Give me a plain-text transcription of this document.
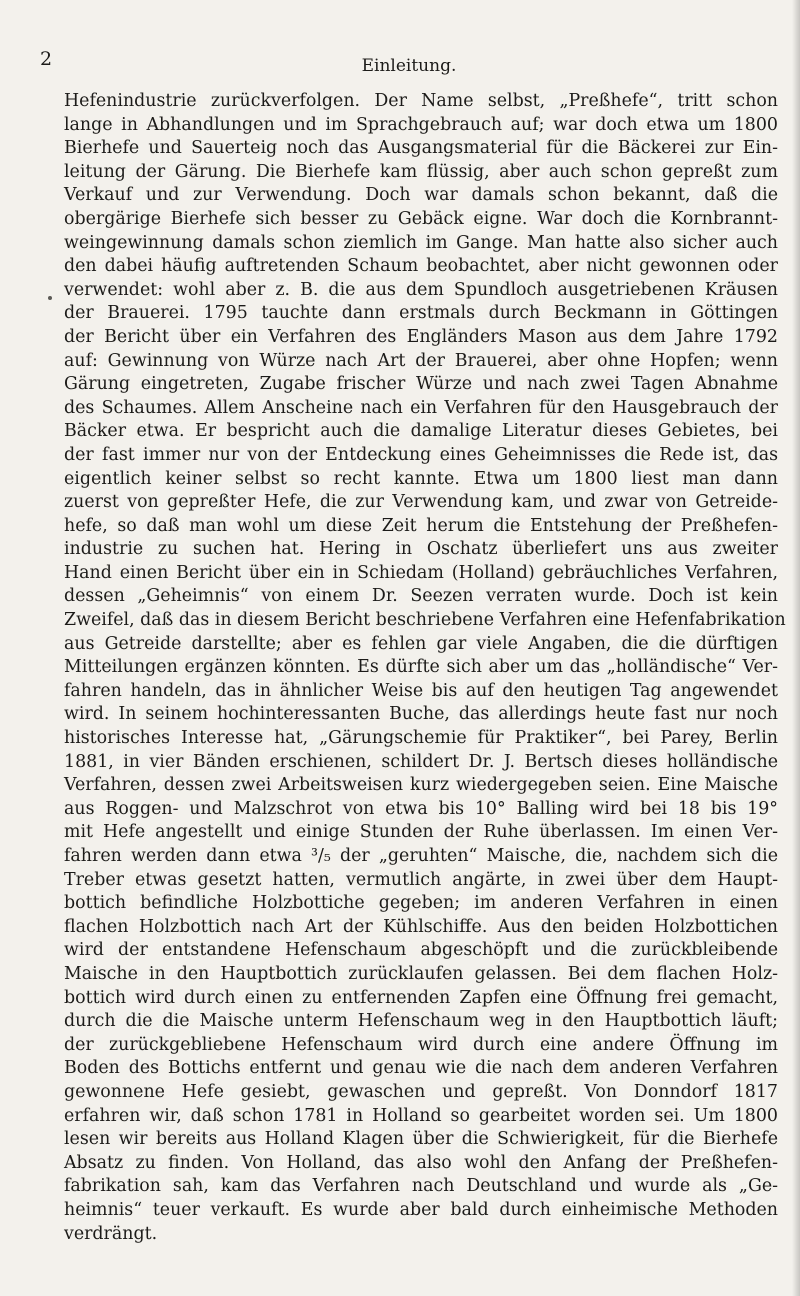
2	Einleitung.
Hefenindustrie zurückverfolgen. Der Name selbst, „Preßhefe“, tritt schon
lange in Abhandlungen und im Sprachgebrauch auf; war doch etwa um 1800
Bierhefe und Sauerteig noch das Ausgangsmaterial für die Bäckerei zur Ein-
leitung der Gärung. Die Bierhefe kam flüssig, aber auch schon gepreßt zum
Verkauf und zur Verwendung. Doch war damals schon bekannt, daß die
obergärige Bierhefe sich besser zu Gebäck eigne. War doch die Kornbrannt-
weingewinnung damals schon ziemlich im Gange. Man hatte also sicher auch
den dabei häufig auftretenden Schaum beobachtet, aber nicht gewonnen oder
verwendet: wohl aber z. B. die aus dem Spundloch ausgetriebenen Kräusen
der Brauerei. 1795 tauchte dann erstmals durch Beckmann in Göttingen
der Bericht über ein Verfahren des Engländers Mason aus dem Jahre 1792
auf: Gewinnung von Würze nach Art der Brauerei, aber ohne Hopfen; wenn
Gärung eingetreten, Zugabe frischer Würze und nach zwei Tagen Abnahme
des Schaumes. Allem Anscheine nach ein Verfahren für den Hausgebrauch der
Bäcker etwa. Er bespricht auch die damalige Literatur dieses Gebietes, bei
der fast immer nur von der Entdeckung eines Geheimnisses die Rede ist, das
eigentlich keiner selbst so recht kannte. Etwa um 1800 liest man dann
zuerst von gepreßter Hefe, die zur Verwendung kam, und zwar von Getreide-
hefe, so daß man wohl um diese Zeit herum die Entstehung der Preßhefen-
industrie zu suchen hat. Hering in Oschatz überliefert uns aus zweiter
Hand einen Bericht über ein in Schiedam (Holland) gebräuchliches Verfahren,
dessen „Geheimnis“ von einem Dr. Seezen verraten wurde. Doch ist kein
Zweifel, daß das in diesem Bericht beschriebene Verfahren eine Hefenfabrikation
aus Getreide darstellte; aber es fehlen gar viele Angaben, die die dürftigen
Mitteilungen ergänzen könnten. Es dürfte sich aber um das „holländische“ Ver-
fahren handeln, das in ähnlicher Weise bis auf den heutigen Tag angewendet
wird. In seinem hochinteressanten Buche, das allerdings heute fast nur noch
historisches Interesse hat, „Gärungschemie für Praktiker“, bei Parey, Berlin
1881, in vier Bänden erschienen, schildert Dr. J. Bertsch dieses holländische
Verfahren, dessen zwei Arbeitsweisen kurz wiedergegeben seien. Eine Maische
aus Roggen- und Malzschrot von etwa bis 10° Balling wird bei 18 bis 19°
mit Hefe angestellt und einige Stunden der Ruhe überlassen. Im einen Ver-
fahren werden dann etwa ³/₅ der „geruhten“ Maische, die, nachdem sich die
Treber etwas gesetzt hatten, vermutlich angärte, in zwei über dem Haupt-
bottich befindliche Holzbottiche gegeben; im anderen Verfahren in einen
flachen Holzbottich nach Art der Kühlschiffe. Aus den beiden Holzbottichen
wird der entstandene Hefenschaum abgeschöpft und die zurückbleibende
Maische in den Hauptbottich zurücklaufen gelassen. Bei dem flachen Holz-
bottich wird durch einen zu entfernenden Zapfen eine Öffnung frei gemacht,
durch die die Maische unterm Hefenschaum weg in den Hauptbottich läuft;
der zurückgebliebene Hefenschaum wird durch eine andere Öffnung im
Boden des Bottichs entfernt und genau wie die nach dem anderen Verfahren
gewonnene Hefe gesiebt, gewaschen und gepreßt. Von Donndorf 1817
erfahren wir, daß schon 1781 in Holland so gearbeitet worden sei. Um 1800
lesen wir bereits aus Holland Klagen über die Schwierigkeit, für die Bierhefe
Absatz zu finden. Von Holland, das also wohl den Anfang der Preßhefen-
fabrikation sah, kam das Verfahren nach Deutschland und wurde als „Ge-
heimnis“ teuer verkauft. Es wurde aber bald durch einheimische Methoden
verdrängt.
